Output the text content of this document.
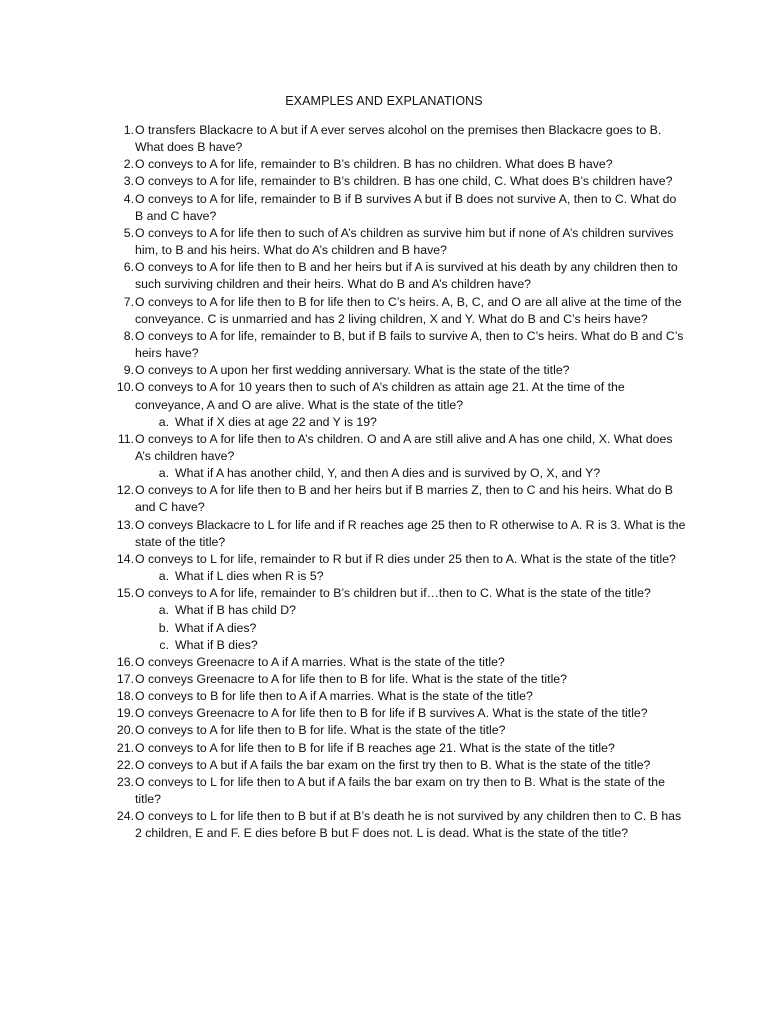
EXAMPLES AND EXPLANATIONS
1. O transfers Blackacre to A but if A ever serves alcohol on the premises then Blackacre goes to B. What does B have?
2. O conveys to A for life, remainder to B’s children. B has no children. What does B have?
3. O conveys to A for life, remainder to B’s children. B has one child, C. What does B’s children have?
4. O conveys to A for life, remainder to B if B survives A but if B does not survive A, then to C. What do B and C have?
5. O conveys to A for life then to such of A’s children as survive him but if none of A’s children survives him, to B and his heirs. What do A’s children and B have?
6. O conveys to A for life then to B and her heirs but if A is survived at his death by any children then to such surviving children and their heirs. What do B and A’s children have?
7. O conveys to A for life then to B for life then to C’s heirs. A, B, C, and O are all alive at the time of the conveyance. C is unmarried and has 2 living children, X and Y. What do B and C’s heirs have?
8. O conveys to A for life, remainder to B, but if B fails to survive A, then to C’s heirs. What do B and C’s heirs have?
9. O conveys to A upon her first wedding anniversary. What is the state of the title?
10. O conveys to A for 10 years then to such of A’s children as attain age 21. At the time of the conveyance, A and O are alive. What is the state of the title?
a. What if X dies at age 22 and Y is 19?
11. O conveys to A for life then to A’s children. O and A are still alive and A has one child, X. What does A’s children have?
a. What if A has another child, Y, and then A dies and is survived by O, X, and Y?
12. O conveys to A for life then to B and her heirs but if B marries Z, then to C and his heirs. What do B and C have?
13. O conveys Blackacre to L for life and if R reaches age 25 then to R otherwise to A. R is 3. What is the state of the title?
14. O conveys to L for life, remainder to R but if R dies under 25 then to A. What is the state of the title?
a. What if L dies when R is 5?
15. O conveys to A for life, remainder to B’s children but if…then to C. What is the state of the title?
a. What if B has child D?
b. What if A dies?
c. What if B dies?
16. O conveys Greenacre to A if A marries. What is the state of the title?
17. O conveys Greenacre to A for life then to B for life. What is the state of the title?
18. O conveys to B for life then to A if A marries. What is the state of the title?
19. O conveys Greenacre to A for life then to B for life if B survives A. What is the state of the title?
20. O conveys to A for life then to B for life. What is the state of the title?
21. O conveys to A for life then to B for life if B reaches age 21. What is the state of the title?
22. O conveys to A but if A fails the bar exam on the first try then to B. What is the state of the title?
23. O conveys to L for life then to A but if A fails the bar exam on try then to B. What is the state of the title?
24. O conveys to L for life then to B but if at B’s death he is not survived by any children then to C. B has 2 children, E and F. E dies before B but F does not. L is dead. What is the state of the title?
